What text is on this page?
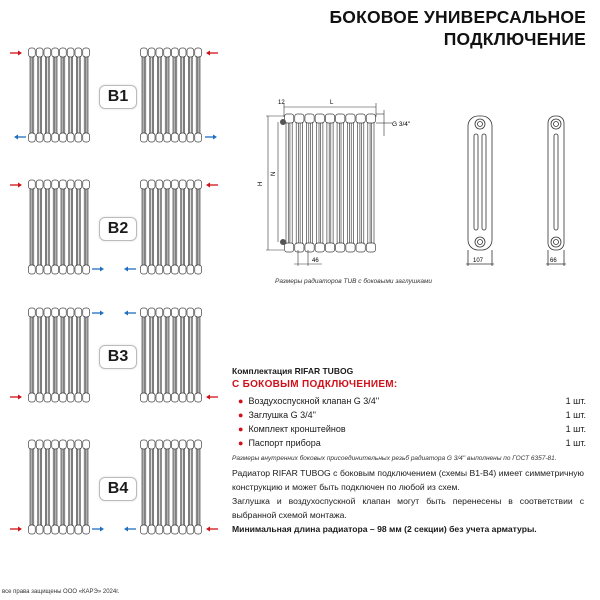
БОКОВОЕ УНИВЕРСАЛЬНОЕ
ПОДКЛЮЧЕНИЕ
B1
B2
B3
B4
12	L
G 3/4''
H
N
46	107	66
Размеры радиаторов TUB с боковыми заглушками
Комплектация RIFAR TUBOG
С БОКОВЫМ ПОДКЛЮЧЕНИЕМ:
● Воздухоспускной клапан G 3/4''	1 шт.
● Заглушка G 3/4''	1 шт.
● Комплект кронштейнов	1 шт.
● Паспорт прибора	1 шт.
Размеры внутренних боковых присоединительных резьб радиатора G 3/4'' выполнены по ГОСТ 6357-81.

Радиатор RIFAR TUBOG с боковым подключением (схемы В1-В4) имеет симметричную конструкцию и может быть подключен по любой из схем.

Заглушка и воздухоспускной клапан могут быть перенесены в соответствии с выбранной схемой монтажа.

Минимальная длина радиатора – 98 мм (2 секции) без учета арматуры.

все права защищены ООО «КАРЭ» 2024г.
